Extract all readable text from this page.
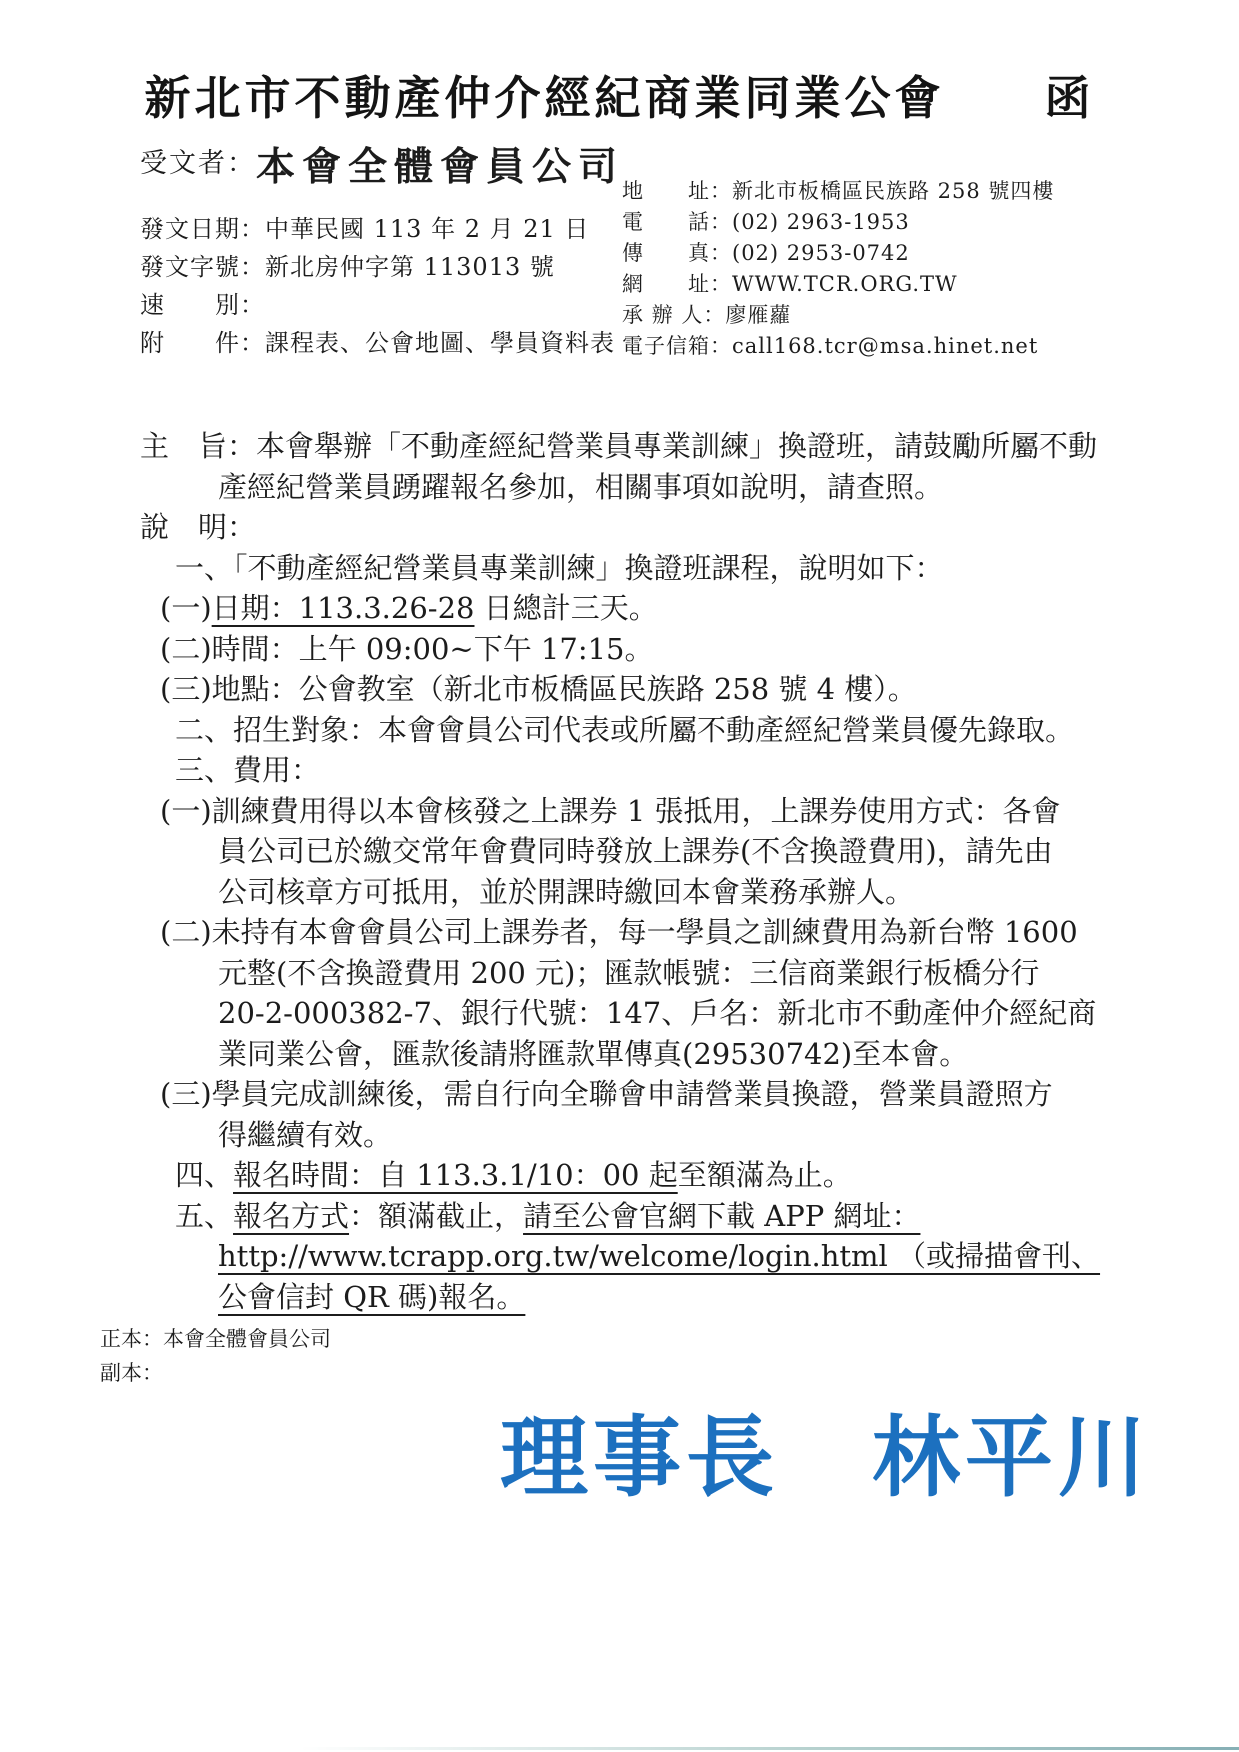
新北市不動產仲介經紀商業同業公會　　函
受文者：本會全體會員公司
發文日期：中華民國 113 年 2 月 21 日
發文字號：新北房仲字第 113013 號
速　　別：
附　　件：課程表、公會地圖、學員資料表
地　　址：新北市板橋區民族路 258 號四樓
電　　話：(02) 2963-1953
傳　　真：(02) 2953-0742
網　　址：WWW.TCR.ORG.TW
承 辦 人：廖雁蘿
電子信箱：call168.tcr@msa.hinet.net
主　旨：本會舉辦「不動產經紀營業員專業訓練」換證班，請鼓勵所屬不動
產經紀營業員踴躍報名參加，相關事項如說明，請查照。
說　明：
一、「不動產經紀營業員專業訓練」換證班課程，說明如下：
(一)日期：113.3.26-28 日總計三天。
(二)時間：上午 09:00~下午 17:15。
(三)地點：公會教室（新北市板橋區民族路 258 號 4 樓）。
二、招生對象：本會會員公司代表或所屬不動產經紀營業員優先錄取。
三、費用：
(一)訓練費用得以本會核發之上課券 1 張抵用，上課券使用方式：各會
員公司已於繳交常年會費同時發放上課券(不含換證費用)，請先由
公司核章方可抵用，並於開課時繳回本會業務承辦人。
(二)未持有本會會員公司上課券者，每一學員之訓練費用為新台幣 1600
元整(不含換證費用 200 元)；匯款帳號：三信商業銀行板橋分行
20-2-000382-7、銀行代號：147、戶名：新北市不動產仲介經紀商
業同業公會，匯款後請將匯款單傳真(29530742)至本會。
(三)學員完成訓練後，需自行向全聯會申請營業員換證，營業員證照方
得繼續有效。
四、報名時間：自 113.3.1/10：00 起至額滿為止。
五、報名方式：額滿截止，請至公會官網下載 APP 網址：
http://www.tcrapp.org.tw/welcome/login.html （或掃描會刊、
公會信封 QR 碼)報名。
正本：本會全體會員公司
副本：
理事長　林平川
